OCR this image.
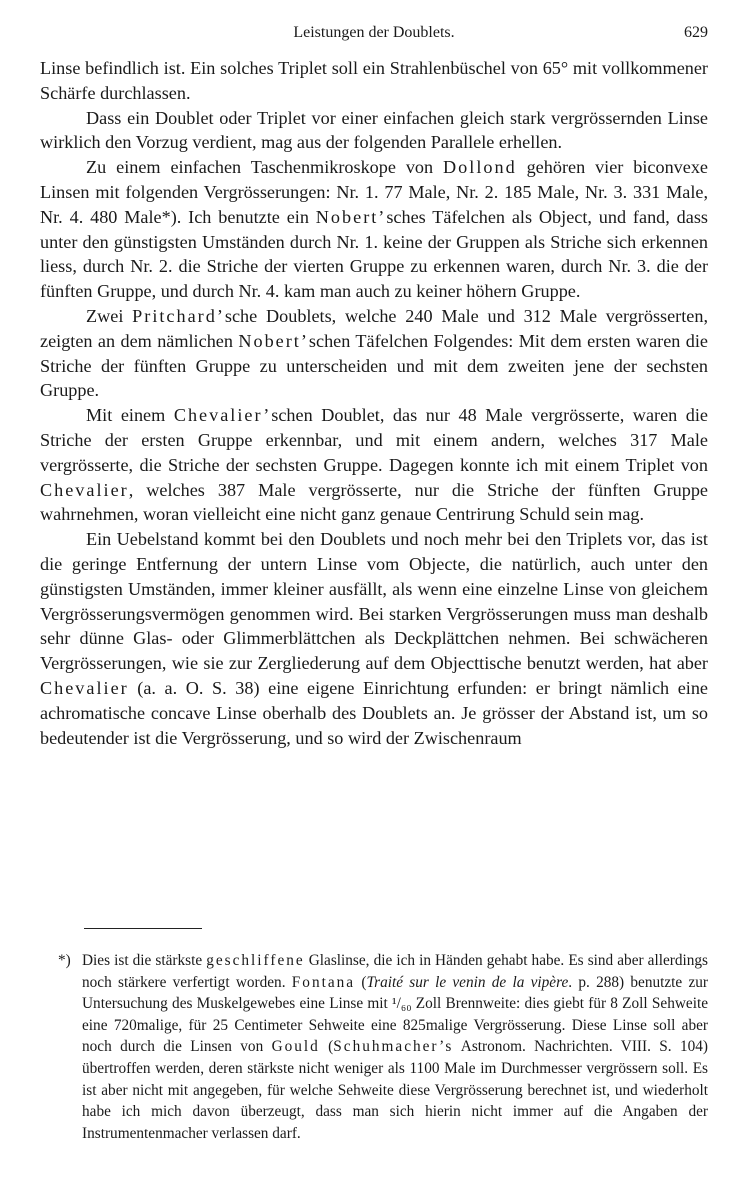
Leistungen der Doublets.	629

Linse befindlich ist. Ein solches Triplet soll ein Strahlenbüschel von 65° mit vollkommener Schärfe durchlassen.

Dass ein Doublet oder Triplet vor einer einfachen gleich stark vergrössernden Linse wirklich den Vorzug verdient, mag aus der folgenden Parallele erhellen.

Zu einem einfachen Taschenmikroskope von Dollond gehören vier biconvexe Linsen mit folgenden Vergrösserungen: Nr. 1. 77 Male, Nr. 2. 185 Male, Nr. 3. 331 Male, Nr. 4. 480 Male*). Ich benutzte ein Nobert’sches Täfelchen als Object, und fand, dass unter den günstigsten Umständen durch Nr. 1. keine der Gruppen als Striche sich erkennen liess, durch Nr. 2. die Striche der vierten Gruppe zu erkennen waren, durch Nr. 3. die der fünften Gruppe, und durch Nr. 4. kam man auch zu keiner höhern Gruppe.

Zwei Pritchard’sche Doublets, welche 240 Male und 312 Male vergrösserten, zeigten an dem nämlichen Nobert’schen Täfelchen Folgendes: Mit dem ersten waren die Striche der fünften Gruppe zu unterscheiden und mit dem zweiten jene der sechsten Gruppe.

Mit einem Chevalier’schen Doublet, das nur 48 Male vergrösserte, waren die Striche der ersten Gruppe erkennbar, und mit einem andern, welches 317 Male vergrösserte, die Striche der sechsten Gruppe. Dagegen konnte ich mit einem Triplet von Chevalier, welches 387 Male vergrösserte, nur die Striche der fünften Gruppe wahrnehmen, woran vielleicht eine nicht ganz genaue Centrirung Schuld sein mag.

Ein Uebelstand kommt bei den Doublets und noch mehr bei den Triplets vor, das ist die geringe Entfernung der untern Linse vom Objecte, die natürlich, auch unter den günstigsten Umständen, immer kleiner ausfällt, als wenn eine einzelne Linse von gleichem Vergrösserungsvermögen genommen wird. Bei starken Vergrösserungen muss man deshalb sehr dünne Glas- oder Glimmerblättchen als Deckplättchen nehmen. Bei schwächeren Vergrösserungen, wie sie zur Zergliederung auf dem Objecttische benutzt werden, hat aber Chevalier (a. a. O. S. 38) eine eigene Einrichtung erfunden: er bringt nämlich eine achromatische concave Linse oberhalb des Doublets an. Je grösser der Abstand ist, um so bedeutender ist die Vergrösserung, und so wird der Zwischenraum

*) Dies ist die stärkste geschliffene Glaslinse, die ich in Händen gehabt habe. Es sind aber allerdings noch stärkere verfertigt worden. Fontana (Traité sur le venin de la vipère. p. 288) benutzte zur Untersuchung des Muskelgewebes eine Linse mit ¹/₆₀ Zoll Brennweite: dies giebt für 8 Zoll Sehweite eine 720malige, für 25 Centimeter Sehweite eine 825malige Vergrösserung. Diese Linse soll aber noch durch die Linsen von Gould (Schuhmacher’s Astronom. Nachrichten. VIII. S. 104) übertroffen werden, deren stärkste nicht weniger als 1100 Male im Durchmesser vergrössern soll. Es ist aber nicht mit angegeben, für welche Sehweite diese Vergrösserung berechnet ist, und wiederholt habe ich mich davon überzeugt, dass man sich hierin nicht immer auf die Angaben der Instrumentenmacher verlassen darf.
